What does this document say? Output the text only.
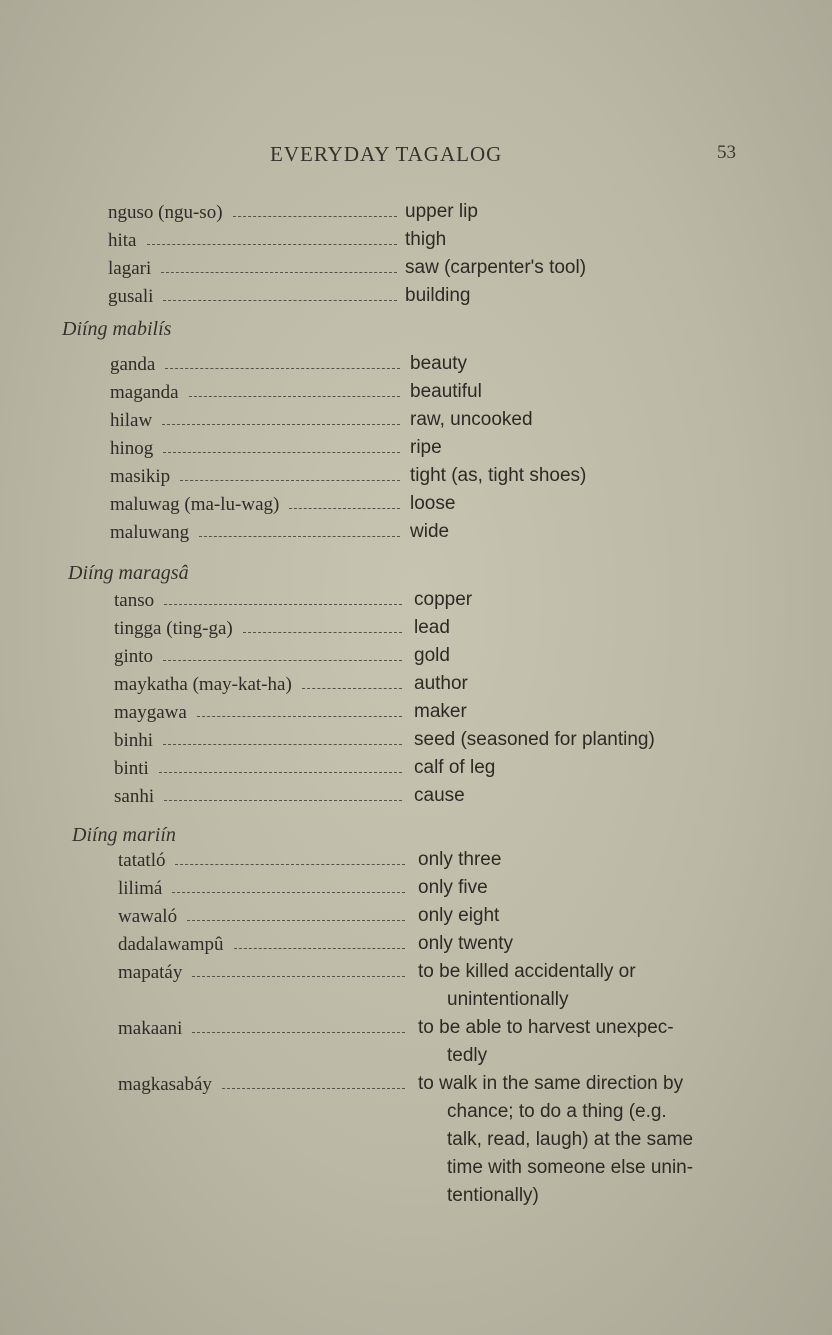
EVERYDAY TAGALOG	53
nguso (ngu-so)	upper lip

hita	thigh

lagari	saw (carpenter's tool)

gusali	building

Diíng mabilís
ganda	beauty

maganda	beautiful

hilaw	raw, uncooked

hinog	ripe

masikip	tight (as, tight shoes)

maluwag (ma-lu-wag)	loose

maluwang	wide

Diíng maragsâ
tanso	copper

tingga (ting-ga)	lead

ginto	gold

maykatha (may-kat-ha)	author

maygawa	maker

binhi	seed (seasoned for planting)

binti	calf of leg

sanhi	cause

Diíng mariín
tatatló	only three

lilimá	only five

wawaló	only eight

dadalawampû	only twenty

mapatáy	to be killed accidentally or

unintentionally
makaani	to be able to harvest unexpec-

tedly
magkasabáy	to walk in the same direction by

chance; to do a thing (e.g.
talk, read, laugh) at the same
time with someone else unin-
tentionally)
